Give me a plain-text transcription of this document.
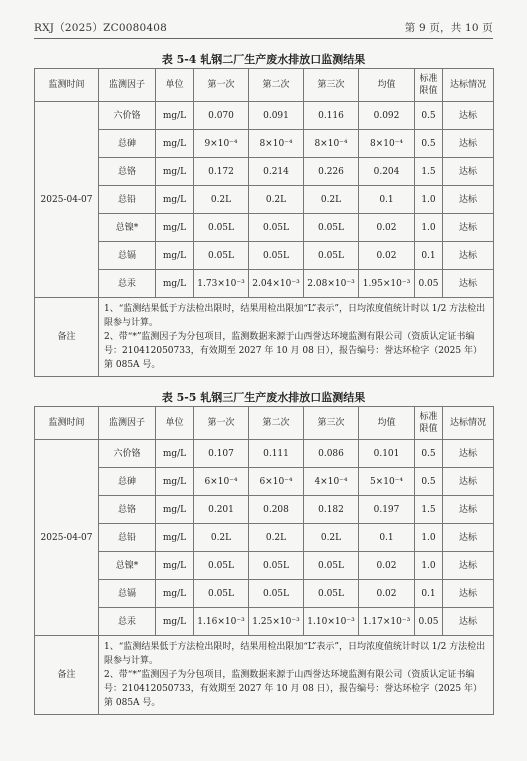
RXJ（2025）ZC0080408	第 9 页，共 10 页
表 5-4 轧钢二厂生产废水排放口监测结果
监测时间	监测因子	单位	第一次	第二次	第三次	均值	标准限值	达标情况
2025-04-07	六价铬	mg/L	0.070	0.091	0.116	0.092	0.5	达标
	总砷	mg/L	9×10⁻⁴	8×10⁻⁴	8×10⁻⁴	8×10⁻⁴	0.5	达标
	总铬	mg/L	0.172	0.214	0.226	0.204	1.5	达标
	总铅	mg/L	0.2L	0.2L	0.2L	0.1	1.0	达标
	总镍*	mg/L	0.05L	0.05L	0.05L	0.02	1.0	达标
	总镉	mg/L	0.05L	0.05L	0.05L	0.02	0.1	达标
	总汞	mg/L	1.73×10⁻³	2.04×10⁻³	2.08×10⁻³	1.95×10⁻³	0.05	达标
备注	1、“监测结果低于方法检出限时，结果用检出限加“L”表示”，日均浓度值统计时以 1/2 方法检出限参与计算。
2、带“*”监测因子为分包项目，监测数据来源于山西誉达环境监测有限公司（资质认定证书编号：210412050733，有效期至 2027 年 10 月 08 日），报告编号：誉达环检字（2025 年）第 085A 号。							
表 5-5 轧钢三厂生产废水排放口监测结果
监测时间	监测因子	单位	第一次	第二次	第三次	均值	标准限值	达标情况
2025-04-07	六价铬	mg/L	0.107	0.111	0.086	0.101	0.5	达标
	总砷	mg/L	6×10⁻⁴	6×10⁻⁴	4×10⁻⁴	5×10⁻⁴	0.5	达标
	总铬	mg/L	0.201	0.208	0.182	0.197	1.5	达标
	总铅	mg/L	0.2L	0.2L	0.2L	0.1	1.0	达标
	总镍*	mg/L	0.05L	0.05L	0.05L	0.02	1.0	达标
	总镉	mg/L	0.05L	0.05L	0.05L	0.02	0.1	达标
	总汞	mg/L	1.16×10⁻³	1.25×10⁻³	1.10×10⁻³	1.17×10⁻³	0.05	达标
备注	1、“监测结果低于方法检出限时，结果用检出限加“L”表示”，日均浓度值统计时以 1/2 方法检出限参与计算。
2、带“*”监测因子为分包项目，监测数据来源于山西誉达环境监测有限公司（资质认定证书编号：210412050733，有效期至 2027 年 10 月 08 日），报告编号：誉达环检字（2025 年）第 085A 号。							
